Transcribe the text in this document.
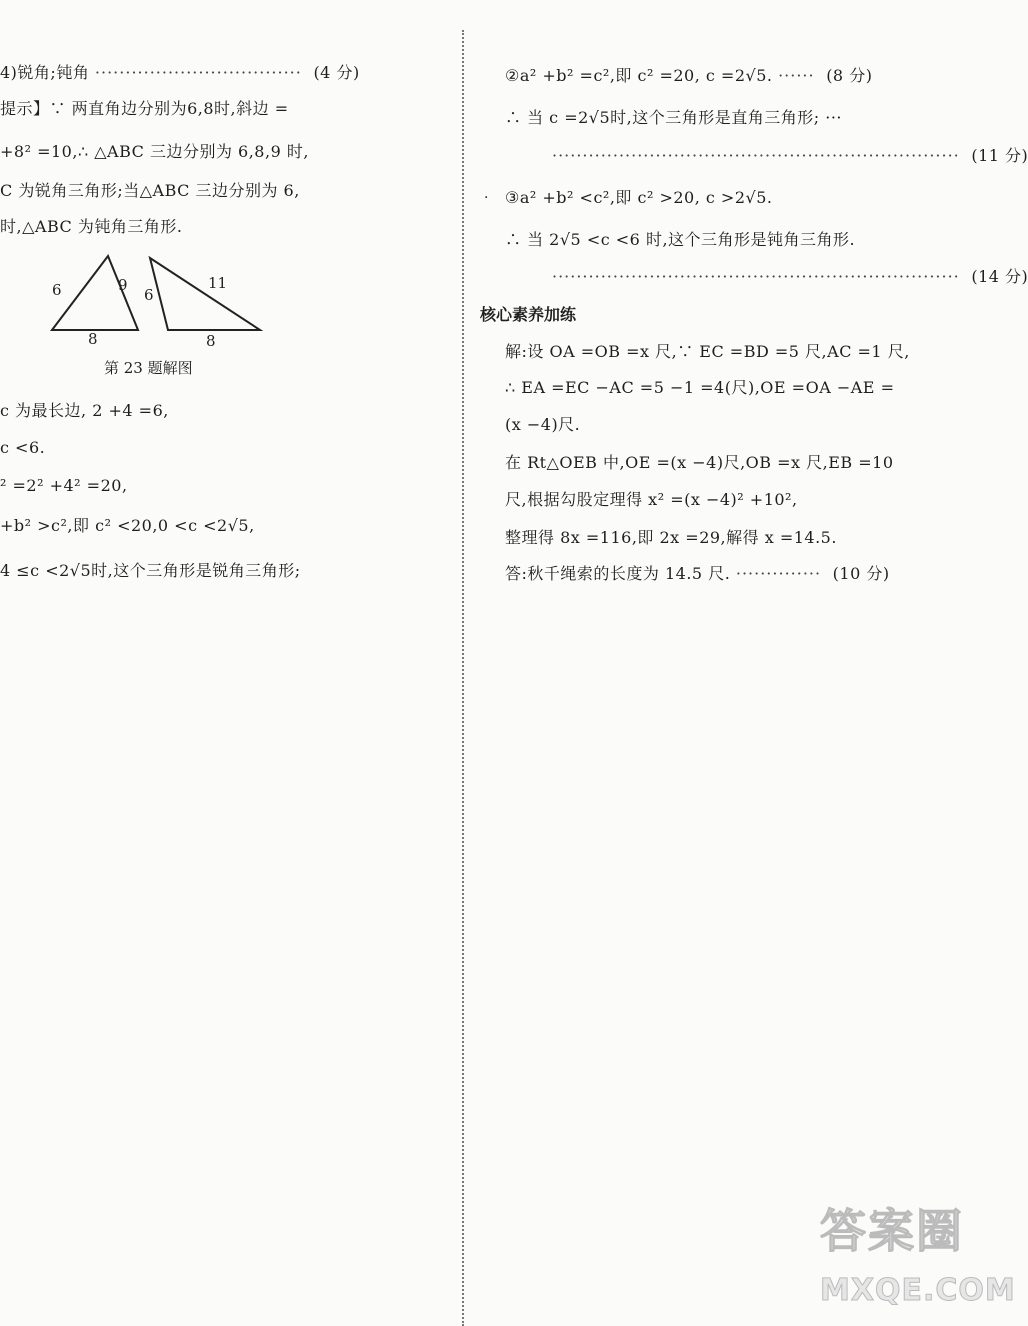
4)锐角;钝角 ·································· (4 分)
提示】∵ 两直角边分别为6,8时,斜边 =
+8² =10,∴ △ABC 三边分别为 6,8,9 时,
C 为锐角三角形;当△ABC 三边分别为 6,
时,△ABC 为钝角三角形.
6	9
8
6
11
8
第 23 题解图
c 为最长边, 2 +4 =6,
c <6.
² =2² +4² =20,
+b² >c²,即 c² <20,0 <c <2√5,
4 ≤c <2√5时,这个三角形是锐角三角形;
②a² +b² =c²,即 c² =20, c =2√5. ······ (8 分)
∴ 当 c =2√5时,这个三角形是直角三角形; ···
··································································· (11 分)
· ③a² +b² <c²,即 c² >20, c >2√5.
∴ 当 2√5 <c <6 时,这个三角形是钝角三角形.
··································································· (14 分)
核心素养加练
解:设 OA =OB =x 尺,∵ EC =BD =5 尺,AC =1 尺,
∴ EA =EC −AC =5 −1 =4(尺),OE =OA −AE =
(x −4)尺.
在 Rt△OEB 中,OE =(x −4)尺,OB =x 尺,EB =10
尺,根据勾股定理得 x² =(x −4)² +10²,
整理得 8x =116,即 2x =29,解得 x =14.5.
答:秋千绳索的长度为 14.5 尺. ·············· (10 分)
答案圈
MXQE.COM
